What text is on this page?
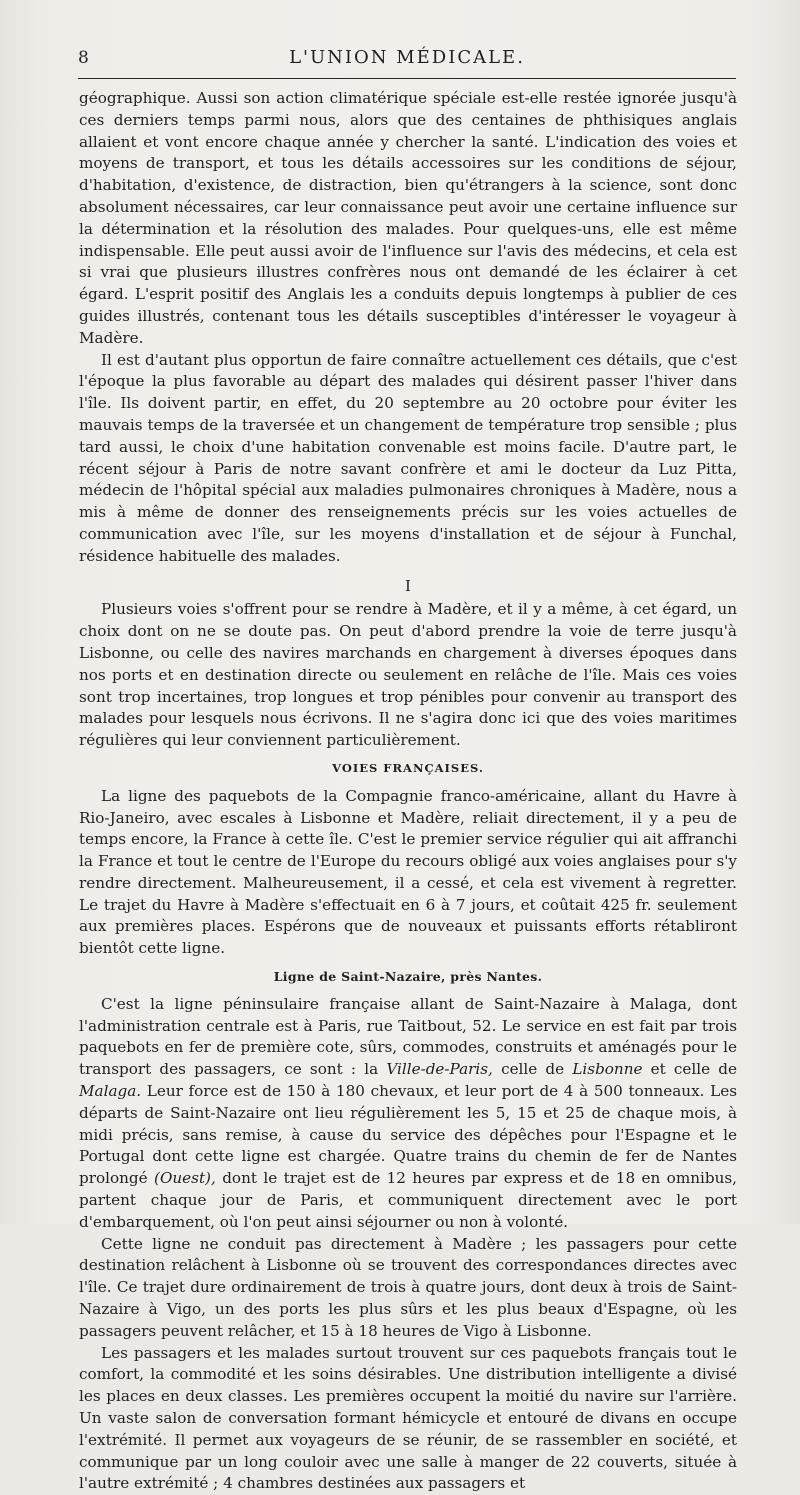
8	L'UNION MÉDICALE.

géographique. Aussi son action climatérique spéciale est-elle restée ignorée jusqu'à ces derniers temps parmi nous, alors que des centaines de phthisiques anglais allaient et vont encore chaque année y chercher la santé. L'indication des voies et moyens de transport, et tous les détails accessoires sur les conditions de séjour, d'habitation, d'existence, de distraction, bien qu'étrangers à la science, sont donc absolument nécessaires, car leur connaissance peut avoir une certaine influence sur la détermination et la résolution des malades. Pour quelques-uns, elle est même indispensable. Elle peut aussi avoir de l'influence sur l'avis des médecins, et cela est si vrai que plusieurs illustres confrères nous ont demandé de les éclairer à cet égard. L'esprit positif des Anglais les a conduits depuis longtemps à publier de ces guides illustrés, contenant tous les détails susceptibles d'intéresser le voyageur à Madère.

Il est d'autant plus opportun de faire connaître actuellement ces détails, que c'est l'époque la plus favorable au départ des malades qui désirent passer l'hiver dans l'île. Ils doivent partir, en effet, du 20 septembre au 20 octobre pour éviter les mauvais temps de la traversée et un changement de température trop sensible ; plus tard aussi, le choix d'une habitation convenable est moins facile. D'autre part, le récent séjour à Paris de notre savant confrère et ami le docteur da Luz Pitta, médecin de l'hôpital spécial aux maladies pulmonaires chroniques à Madère, nous a mis à même de donner des renseignements précis sur les voies actuelles de communication avec l'île, sur les moyens d'installation et de séjour à Funchal, résidence habituelle des malades.

I

Plusieurs voies s'offrent pour se rendre à Madère, et il y a même, à cet égard, un choix dont on ne se doute pas. On peut d'abord prendre la voie de terre jusqu'à Lisbonne, ou celle des navires marchands en chargement à diverses époques dans nos ports et en destination directe ou seulement en relâche de l'île. Mais ces voies sont trop incertaines, trop longues et trop pénibles pour convenir au transport des malades pour lesquels nous écrivons. Il ne s'agira donc ici que des voies maritimes régulières qui leur conviennent particulièrement.

VOIES FRANÇAISES.

La ligne des paquebots de la Compagnie franco-américaine, allant du Havre à Rio-Janeiro, avec escales à Lisbonne et Madère, reliait directement, il y a peu de temps encore, la France à cette île. C'est le premier service régulier qui ait affranchi la France et tout le centre de l'Europe du recours obligé aux voies anglaises pour s'y rendre directement. Malheureusement, il a cessé, et cela est vivement à regretter. Le trajet du Havre à Madère s'effectuait en 6 à 7 jours, et coûtait 425 fr. seulement aux premières places. Espérons que de nouveaux et puissants efforts rétabliront bientôt cette ligne.

Ligne de Saint-Nazaire, près Nantes.

C'est la ligne péninsulaire française allant de Saint-Nazaire à Malaga, dont l'administration centrale est à Paris, rue Taitbout, 52. Le service en est fait par trois paquebots en fer de première cote, sûrs, commodes, construits et aménagés pour le transport des passagers, ce sont : la Ville-de-Paris, celle de Lisbonne et celle de Malaga. Leur force est de 150 à 180 chevaux, et leur port de 4 à 500 tonneaux. Les départs de Saint-Nazaire ont lieu régulièrement les 5, 15 et 25 de chaque mois, à midi précis, sans remise, à cause du service des dépêches pour l'Espagne et le Portugal dont cette ligne est chargée. Quatre trains du chemin de fer de Nantes prolongé (Ouest), dont le trajet est de 12 heures par express et de 18 en omnibus, partent chaque jour de Paris, et communiquent directement avec le port d'embarquement, où l'on peut ainsi séjourner ou non à volonté.

Cette ligne ne conduit pas directement à Madère ; les passagers pour cette destination relâchent à Lisbonne où se trouvent des correspondances directes avec l'île. Ce trajet dure ordinairement de trois à quatre jours, dont deux à trois de Saint-Nazaire à Vigo, un des ports les plus sûrs et les plus beaux d'Espagne, où les passagers peuvent relâcher, et 15 à 18 heures de Vigo à Lisbonne.

Les passagers et les malades surtout trouvent sur ces paquebots français tout le comfort, la commodité et les soins désirables. Une distribution intelligente a divisé les places en deux classes. Les premières occupent la moitié du navire sur l'arrière. Un vaste salon de conversation formant hémicycle et entouré de divans en occupe l'extrémité. Il permet aux voyageurs de se réunir, de se rassembler en société, et communique par un long couloir avec une salle à manger de 22 couverts, située à l'autre extrémité ; 4 chambres destinées aux passagers et
